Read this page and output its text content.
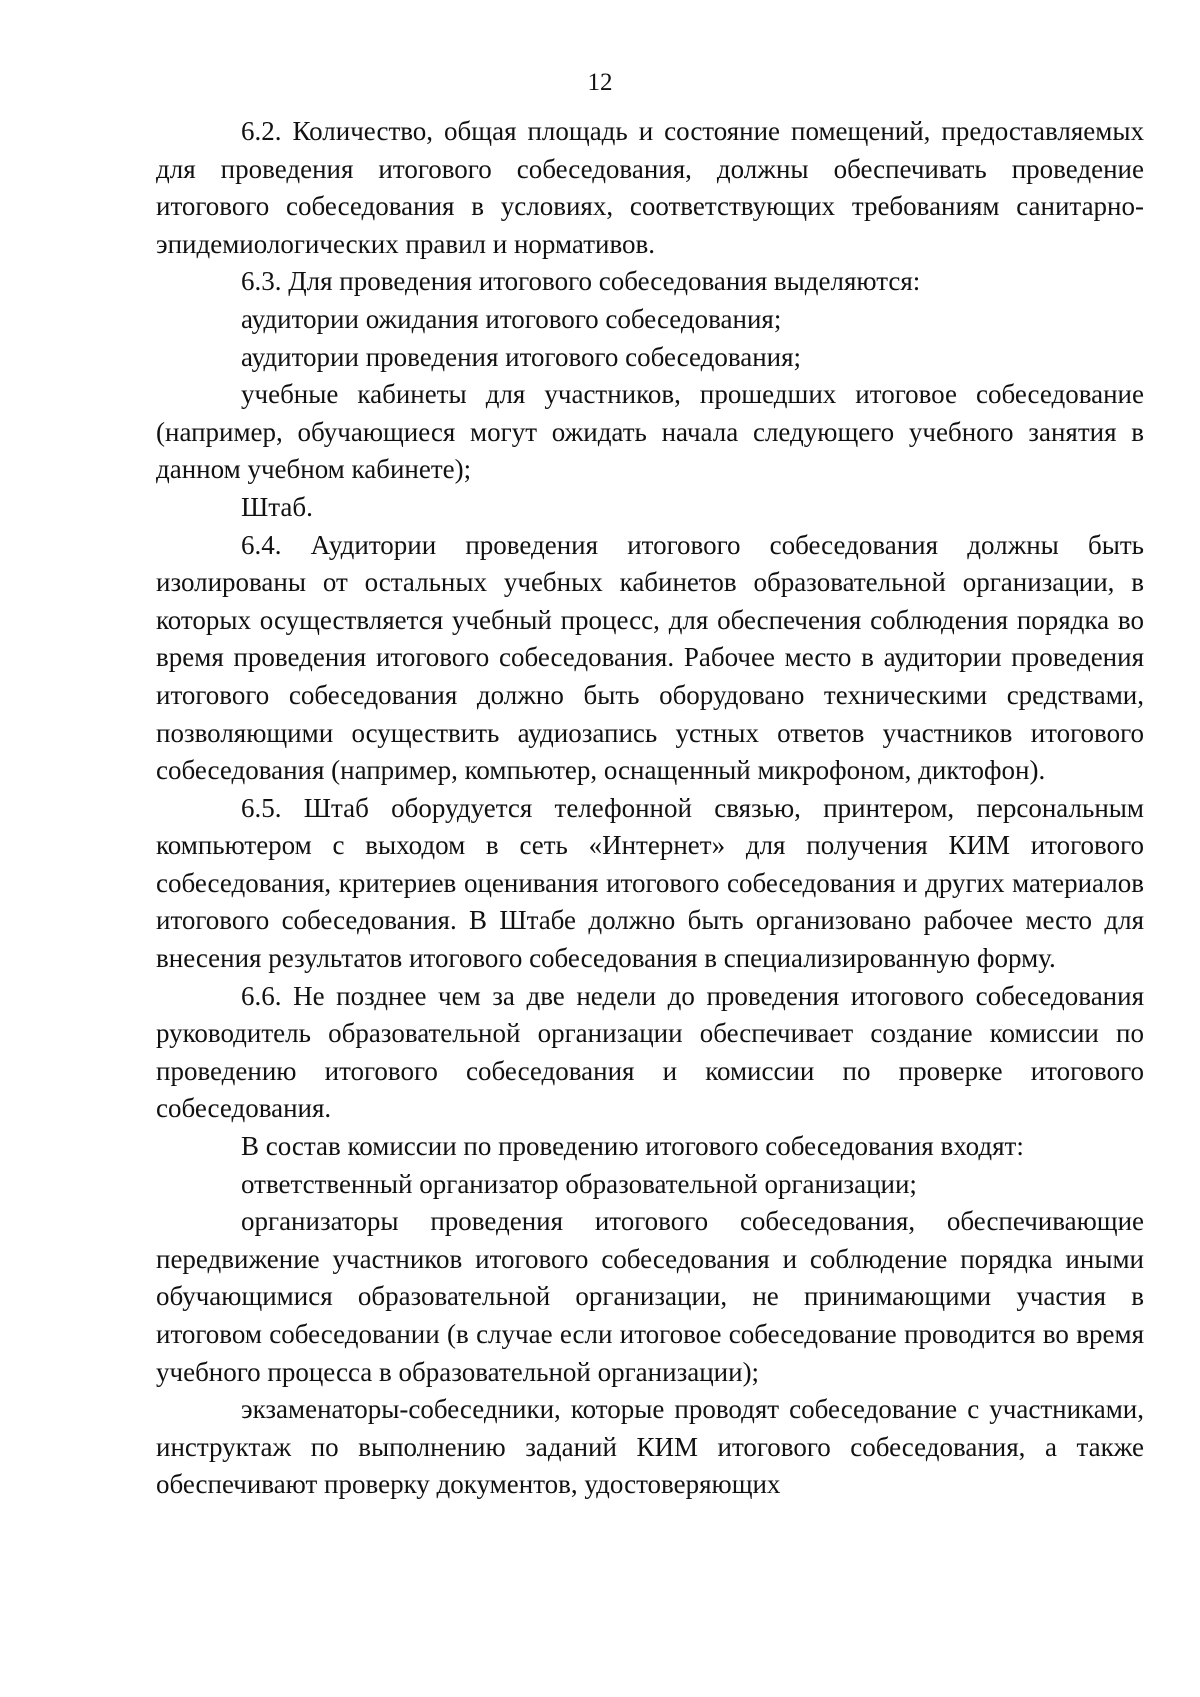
12

6.2. Количество, общая площадь и состояние помещений, предоставляемых для проведения итогового собеседования, должны обеспечивать проведение итогового собеседования в условиях, соответствующих требованиям санитарно-эпидемиологических правил и нормативов.

6.3. Для проведения итогового собеседования выделяются:

аудитории ожидания итогового собеседования;

аудитории проведения итогового собеседования;

учебные кабинеты для участников, прошедших итоговое собеседование (например, обучающиеся могут ожидать начала следующего учебного занятия в данном учебном кабинете);

Штаб.

6.4. Аудитории проведения итогового собеседования должны быть изолированы от остальных учебных кабинетов образовательной организации, в которых осуществляется учебный процесс, для обеспечения соблюдения порядка во время проведения итогового собеседования. Рабочее место в аудитории проведения итогового собеседования должно быть оборудовано техническими средствами, позволяющими осуществить аудиозапись устных ответов участников итогового собеседования (например, компьютер, оснащенный микрофоном, диктофон).

6.5. Штаб оборудуется телефонной связью, принтером, персональным компьютером с выходом в сеть «Интернет» для получения КИМ итогового собеседования, критериев оценивания итогового собеседования и других материалов итогового собеседования. В Штабе должно быть организовано рабочее место для внесения результатов итогового собеседования в специализированную форму.

6.6. Не позднее чем за две недели до проведения итогового собеседования руководитель образовательной организации обеспечивает создание комиссии по проведению итогового собеседования и комиссии по проверке итогового собеседования.

В состав комиссии по проведению итогового собеседования входят:

ответственный организатор образовательной организации;

организаторы проведения итогового собеседования, обеспечивающие передвижение участников итогового собеседования и соблюдение порядка иными обучающимися образовательной организации, не принимающими участия в итоговом собеседовании (в случае если итоговое собеседование проводится во время учебного процесса в образовательной организации);

экзаменаторы-собеседники, которые проводят собеседование с участниками, инструктаж по выполнению заданий КИМ итогового собеседования, а также обеспечивают проверку документов, удостоверяющих
